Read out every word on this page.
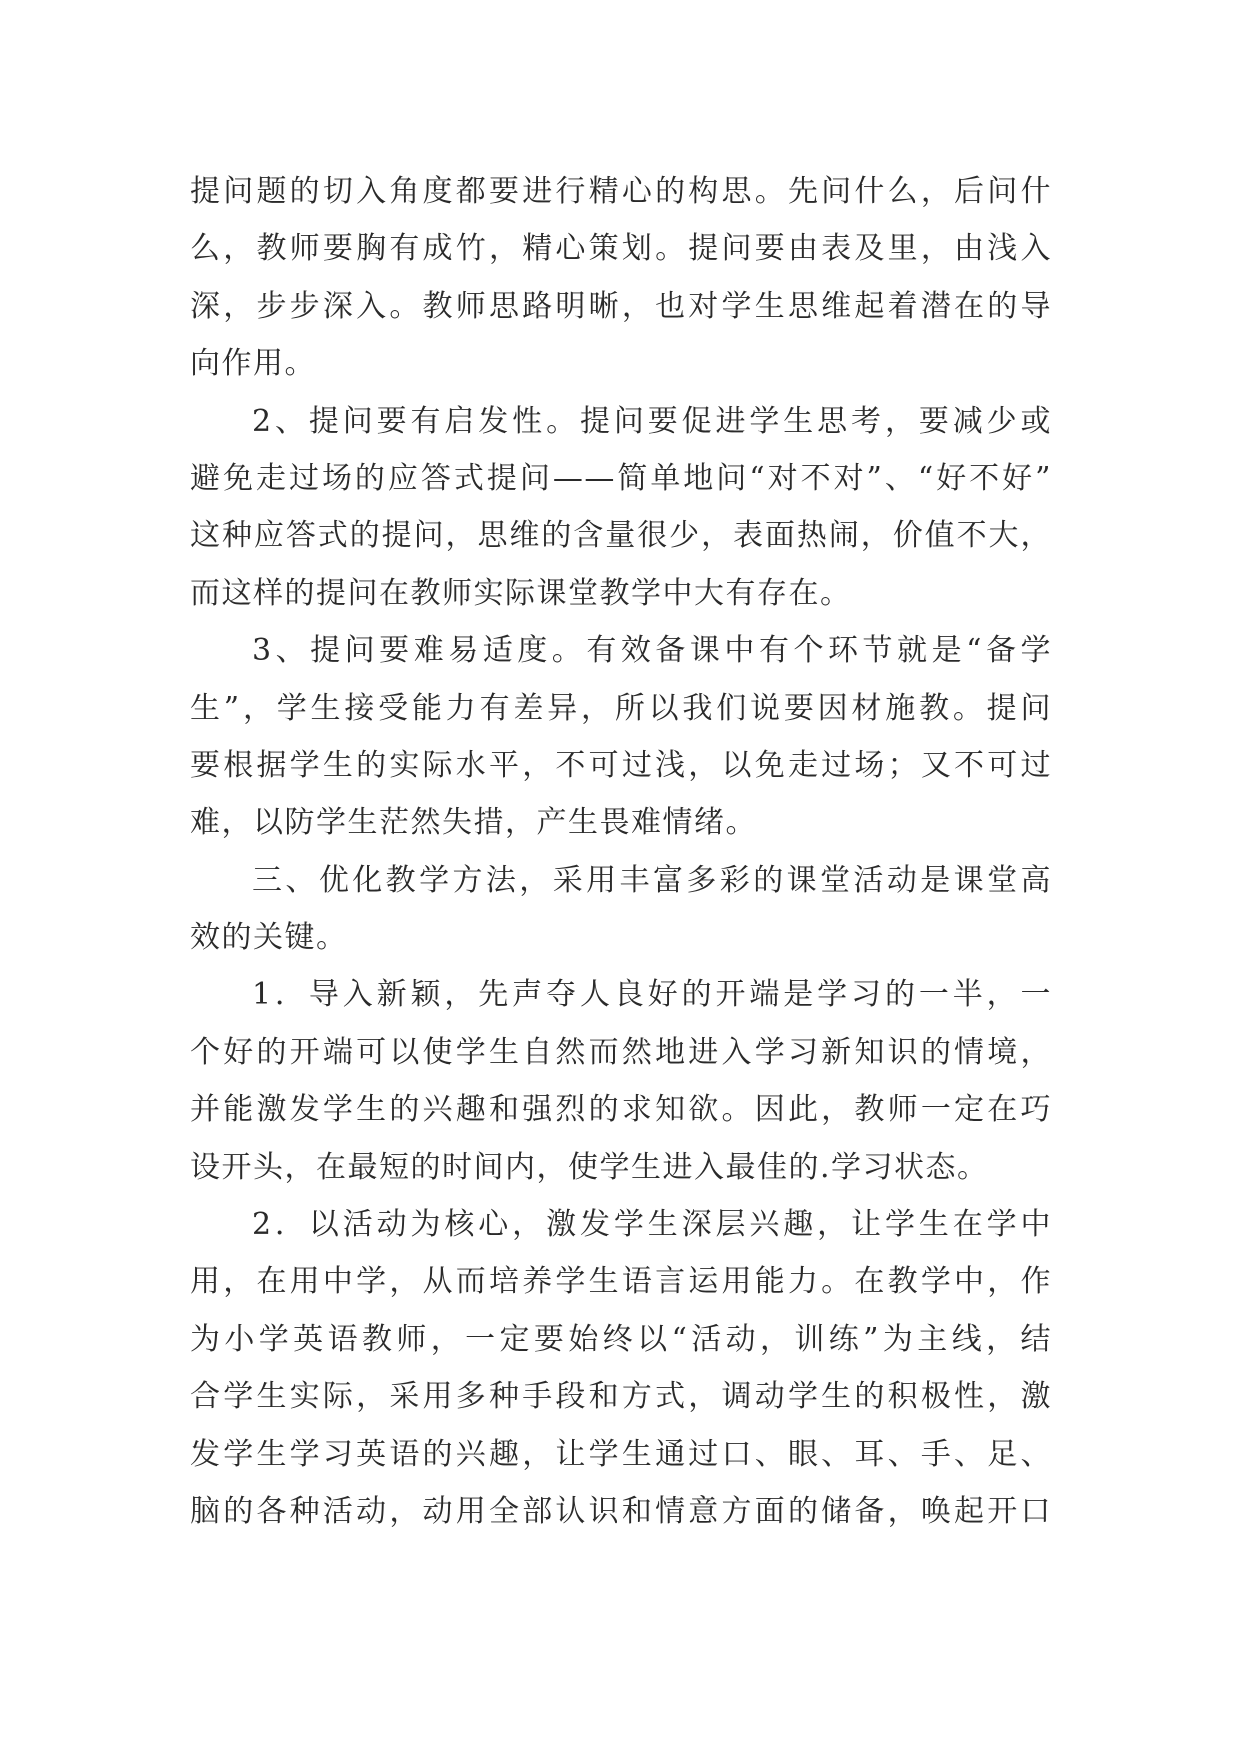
提问题的切入角度都要进行精心的构思。先问什么，后问什
么，教师要胸有成竹，精心策划。提问要由表及里，由浅入
深，步步深入。教师思路明晰，也对学生思维起着潜在的导
向作用。
2、提问要有启发性。提问要促进学生思考，要减少或
避免走过场的应答式提问——简单地问“对不对”、“好不好”
这种应答式的提问，思维的含量很少，表面热闹，价值不大，
而这样的提问在教师实际课堂教学中大有存在。
3、提问要难易适度。有效备课中有个环节就是“备学
生”，学生接受能力有差异，所以我们说要因材施教。提问
要根据学生的实际水平，不可过浅，以免走过场；又不可过
难，以防学生茫然失措，产生畏难情绪。
三、优化教学方法，采用丰富多彩的课堂活动是课堂高
效的关键。
1．导入新颖，先声夺人良好的开端是学习的一半，一
个好的开端可以使学生自然而然地进入学习新知识的情境，
并能激发学生的兴趣和强烈的求知欲。因此，教师一定在巧
设开头，在最短的时间内，使学生进入最佳的.学习状态。
2．以活动为核心，激发学生深层兴趣，让学生在学中
用，在用中学，从而培养学生语言运用能力。在教学中，作
为小学英语教师，一定要始终以“活动，训练”为主线，结
合学生实际，采用多种手段和方式，调动学生的积极性，激
发学生学习英语的兴趣，让学生通过口、眼、耳、手、足、
脑的各种活动，动用全部认识和情意方面的储备，唤起开口
